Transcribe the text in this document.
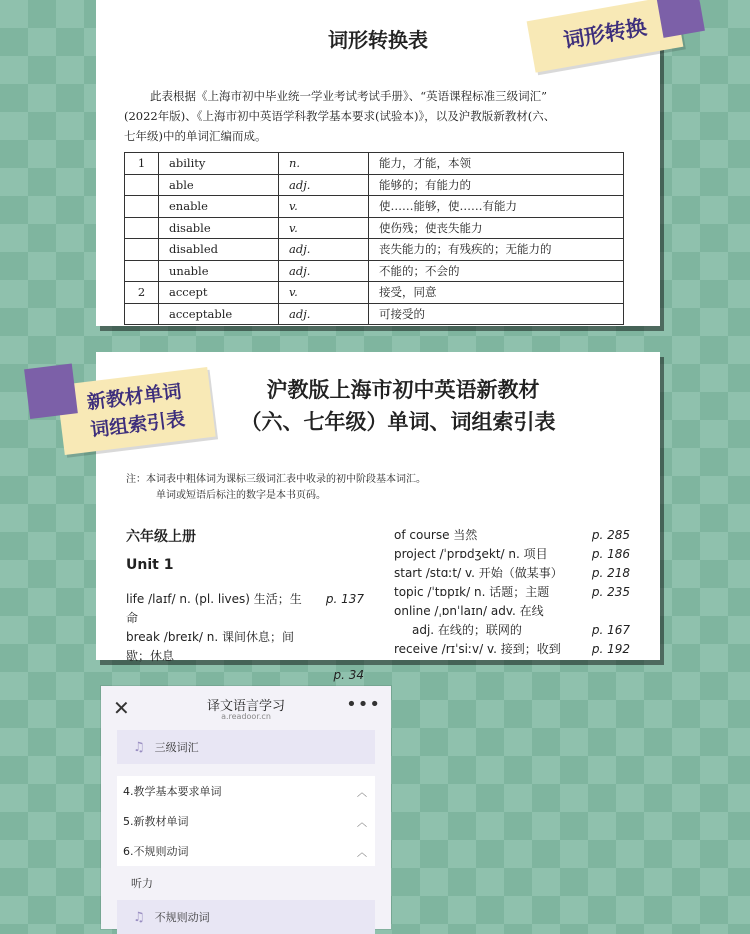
词形转换表
此表根据《上海市初中毕业统一学业考试考试手册》、“英语课程标准三级词汇”
(2022年版)、《上海市初中英语学科教学基本要求(试验本)》，以及沪教版新教材(六、
七年级)中的单词汇编而成。
1	ability	n.	能力，才能，本领
	able	adj.	能够的；有能力的
	enable	v.	使……能够，使……有能力
	disable	v.	使伤残；使丧失能力
	disabled	adj.	丧失能力的；有残疾的；无能力的
	unable	adj.	不能的；不会的
2	accept	v.	接受，同意
	acceptable	adj.	可接受的
词形转换
沪教版上海市初中英语新教材
（六、七年级）单词、词组索引表
注：本词表中粗体词为课标三级词汇表中收录的初中阶段基本词汇。
单词或短语后标注的数字是本书页码。
六年级上册
Unit 1
life /laɪf/ n. (pl. lives) 生活；生命
p. 137
break /breɪk/ n. 课间休息；间歇；休息
p. 34
of course 当然	p. 285
project /ˈprɒdʒekt/ n. 项目	p. 186
start /stɑːt/ v. 开始（做某事）	p. 218
topic /ˈtɒpɪk/ n. 话题；主题	p. 235
online /ˌɒnˈlaɪn/ adv. 在线
adj. 在线的；联网的	p. 167
receive /rɪˈsiːv/ v. 接到；收到	p. 192
新教材单词
词组索引表
✕	译文语言学习
a.readoor.cn
•••
♫ 三级词汇
4.教学基本要求单词	︿
5.新教材单词	︿
6.不规则动词	︿
听力
♫ 不规则动词
